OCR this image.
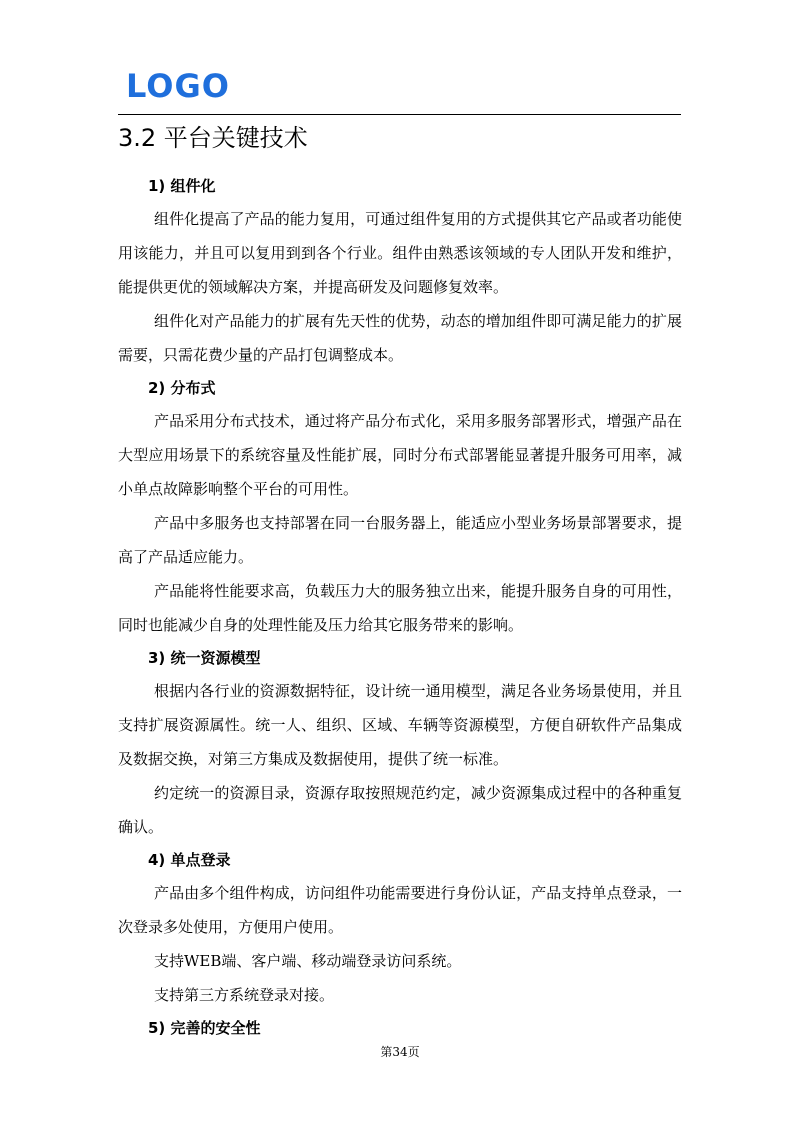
LOGO
3.2 平台关键技术

1) 组件化

组件化提高了产品的能力复用，可通过组件复用的方式提供其它产品或者功能使用该能力，并且可以复用到到各个行业。组件由熟悉该领域的专人团队开发和维护，能提供更优的领域解决方案，并提高研发及问题修复效率。

组件化对产品能力的扩展有先天性的优势，动态的增加组件即可满足能力的扩展需要，只需花费少量的产品打包调整成本。

2) 分布式

产品采用分布式技术，通过将产品分布式化，采用多服务部署形式，增强产品在大型应用场景下的系统容量及性能扩展，同时分布式部署能显著提升服务可用率，减小单点故障影响整个平台的可用性。

产品中多服务也支持部署在同一台服务器上，能适应小型业务场景部署要求，提高了产品适应能力。

产品能将性能要求高，负载压力大的服务独立出来，能提升服务自身的可用性，同时也能减少自身的处理性能及压力给其它服务带来的影响。

3) 统一资源模型

根据内各行业的资源数据特征，设计统一通用模型，满足各业务场景使用，并且支持扩展资源属性。统一人、组织、区域、车辆等资源模型，方便自研软件产品集成及数据交换，对第三方集成及数据使用，提供了统一标准。

约定统一的资源目录，资源存取按照规范约定，减少资源集成过程中的各种重复确认。

4) 单点登录

产品由多个组件构成，访问组件功能需要进行身份认证，产品支持单点登录，一次登录多处使用，方便用户使用。

支持WEB端、客户端、移动端登录访问系统。

支持第三方系统登录对接。

5) 完善的安全性

第34页
